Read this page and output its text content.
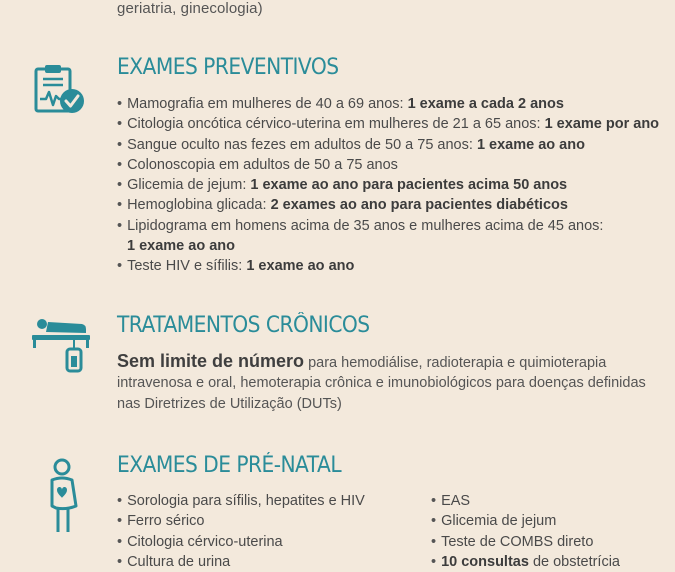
geriatria, ginecologia)
EXAMES PREVENTIVOS
• Mamografia em mulheres de 40 a 69 anos: 1 exame a cada 2 anos
• Citologia oncótica cérvico-uterina em mulheres de 21 a 65 anos: 1 exame por ano
• Sangue oculto nas fezes em adultos de 50 a 75 anos: 1 exame ao ano
• Colonoscopia em adultos de 50 a 75 anos
• Glicemia de jejum: 1 exame ao ano para pacientes acima 50 anos
• Hemoglobina glicada: 2 exames ao ano para pacientes diabéticos
• Lipidograma em homens acima de 35 anos e mulheres acima de 45 anos:
1 exame ao ano
• Teste HIV e sífilis: 1 exame ao ano
TRATAMENTOS CRÔNICOS
Sem limite de número para hemodiálise, radioterapia e quimioterapia intravenosa e oral, hemoterapia crônica e imunobiológicos para doenças definidas nas Diretrizes de Utilização (DUTs)
EXAMES DE PRÉ-NATAL
• Sorologia para sífilis, hepatites e HIV
• Ferro sérico
• Citologia cérvico-uterina
• Cultura de urina
• EAS
• Glicemia de jejum
• Teste de COMBS direto
• 10 consultas de obstetrícia
